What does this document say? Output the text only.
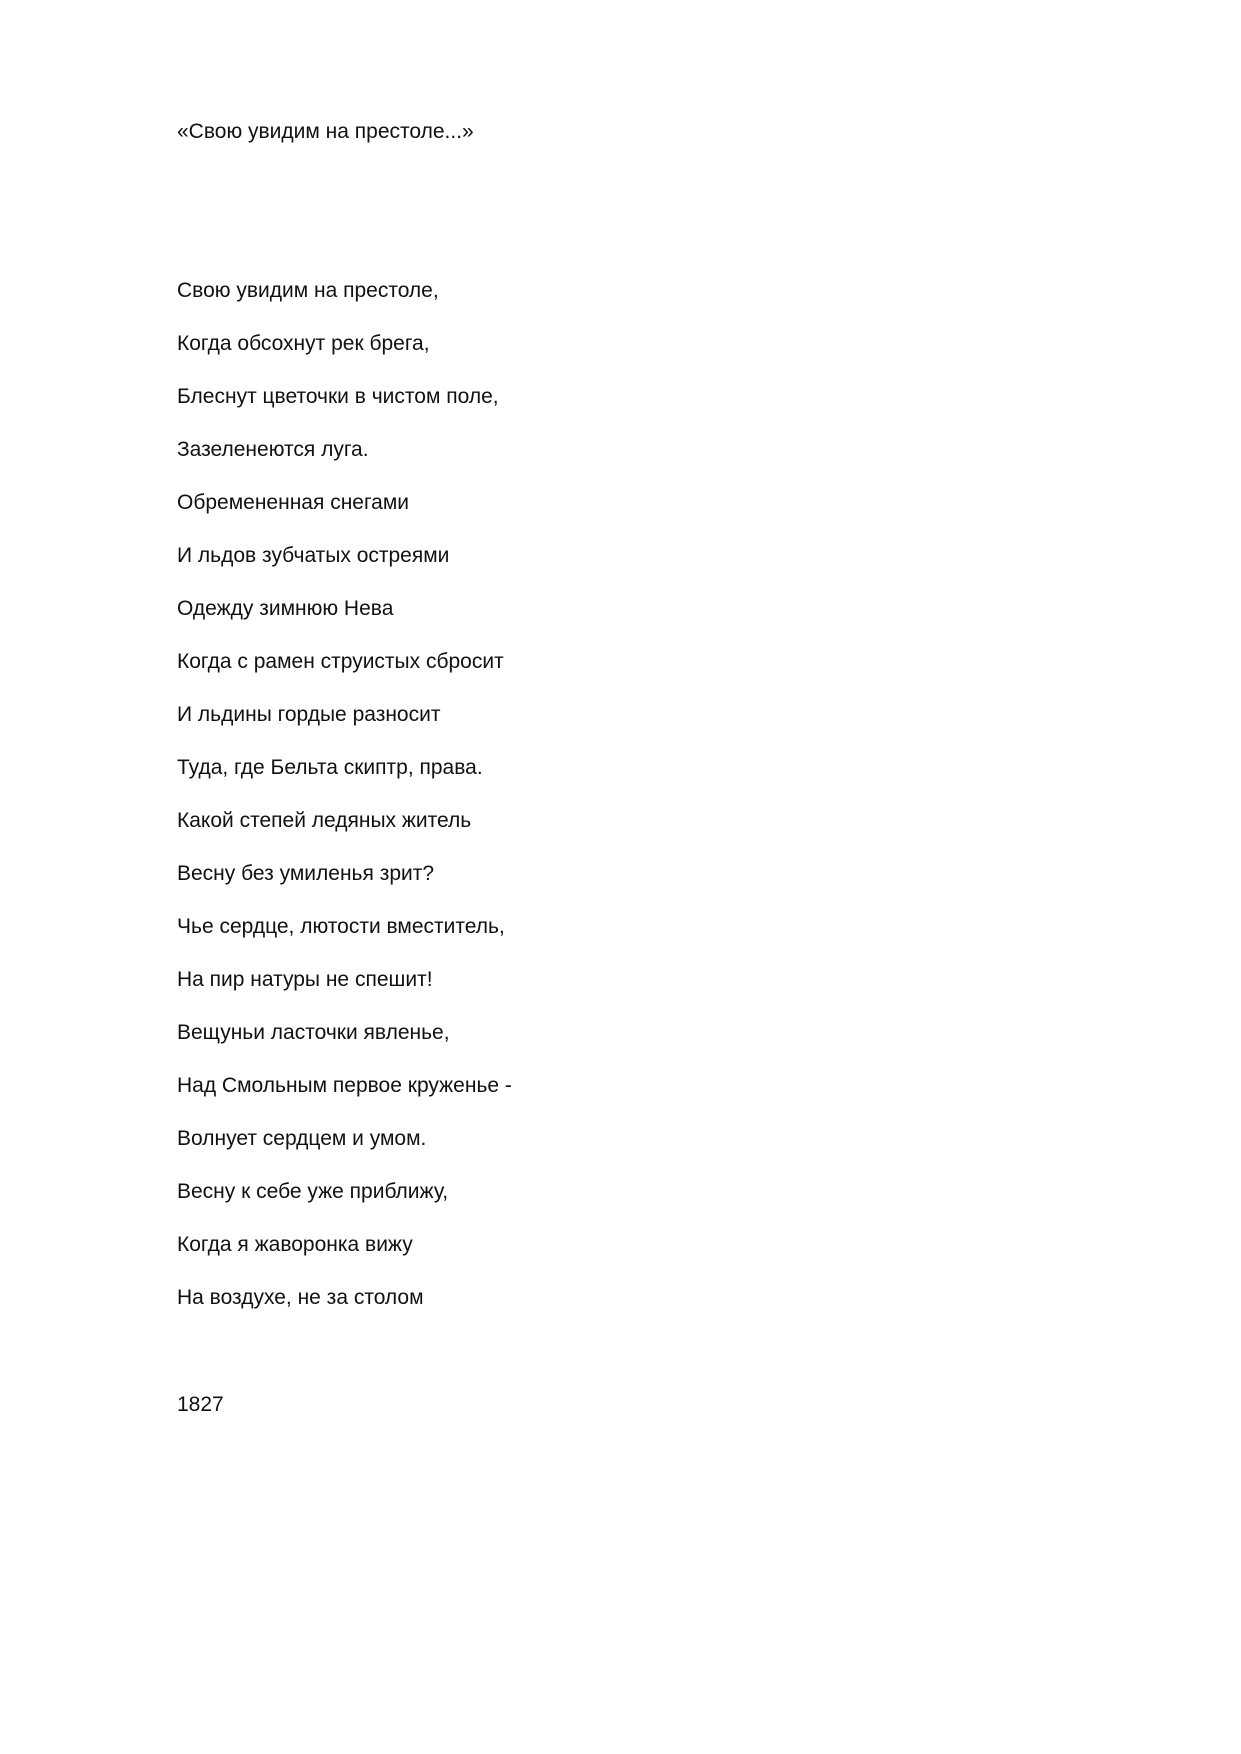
«Свою увидим на престоле...»
Свою увидим на престоле,
Когда обсохнут рек брега,
Блеснут цветочки в чистом поле,
Зазеленеются луга.
Обремененная снегами
И льдов зубчатых остреями
Одежду зимнюю Нева
Когда с рамен струистых сбросит
И льдины гордые разносит
Туда, где Бельта скиптр, права.
Какой степей ледяных житель
Весну без умиленья зрит?
Чье сердце, лютости вместитель,
На пир натуры не спешит!
Вещуньи ласточки явленье,
Над Смольным первое круженье -
Волнует сердцем и умом.
Весну к себе уже приближу,
Когда я жаворонка вижу
На воздухе, не за столом
1827
